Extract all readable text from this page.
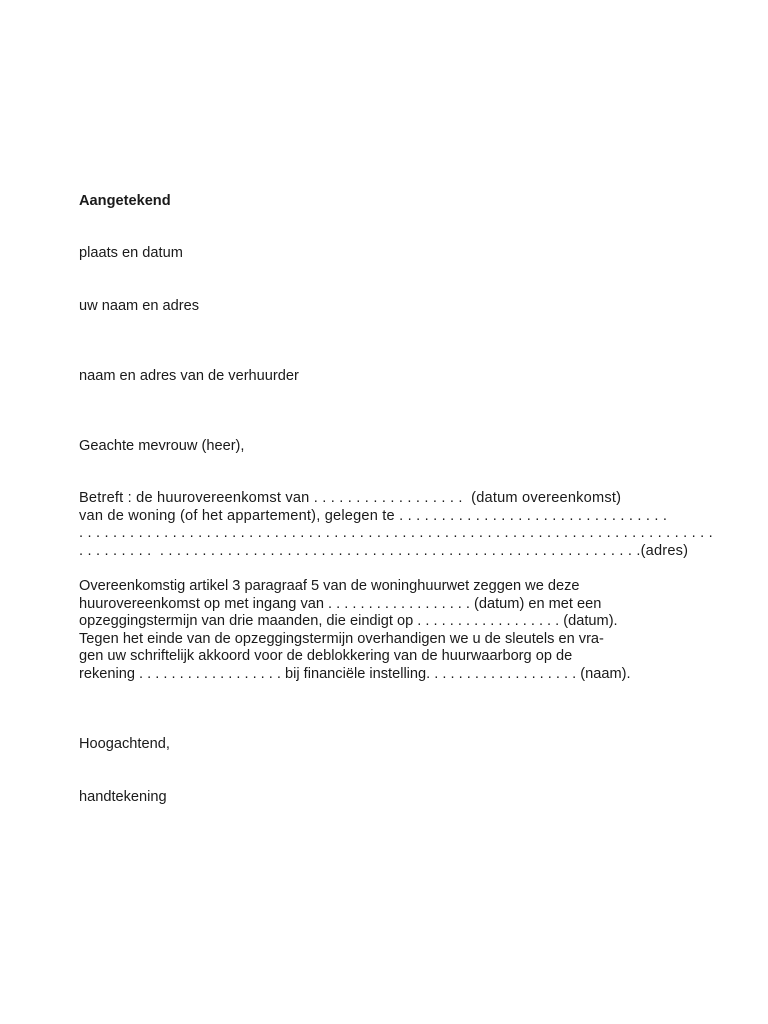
Aangetekend

plaats en datum

uw naam en adres

naam en adres van de verhuurder

Geachte mevrouw (heer),

Betreft : de huurovereenkomst van . . . . . . . . . . . . . . . . . .  (datum overeenkomst)
van de woning (of het appartement), gelegen te . . . . . . . . . . . . . . . . . . . . . . . . . . . . . . . .
. . . . . . . . . . . . . . . . . . . . . . . . . . . . . . . . . . . . . . . . . . . . . . . . . . . . . . . . . . . . . . . . . . . . . . . . . . .
. . . . . . . . .  . . . . . . . . . . . . . . . . . . . . . . . . . . . . . . . . . . . . . . . . . . . . . . . . . . . . . . . . .(adres)
Overeenkomstig artikel 3 paragraaf 5 van de woninghuurwet zeggen we deze
huurovereenkomst op met ingang van . . . . . . . . . . . . . . . . . . (datum) en met een
opzeggingstermijn van drie maanden, die eindigt op . . . . . . . . . . . . . . . . . . (datum).
Tegen het einde van de opzeggingstermijn overhandigen we u de sleutels en vra-
gen uw schriftelijk akkoord voor de deblokkering van de huurwaarborg op de
rekening . . . . . . . . . . . . . . . . . . bij financiële instelling. . . . . . . . . . . . . . . . . . . (naam).

Hoogachtend,

handtekening
